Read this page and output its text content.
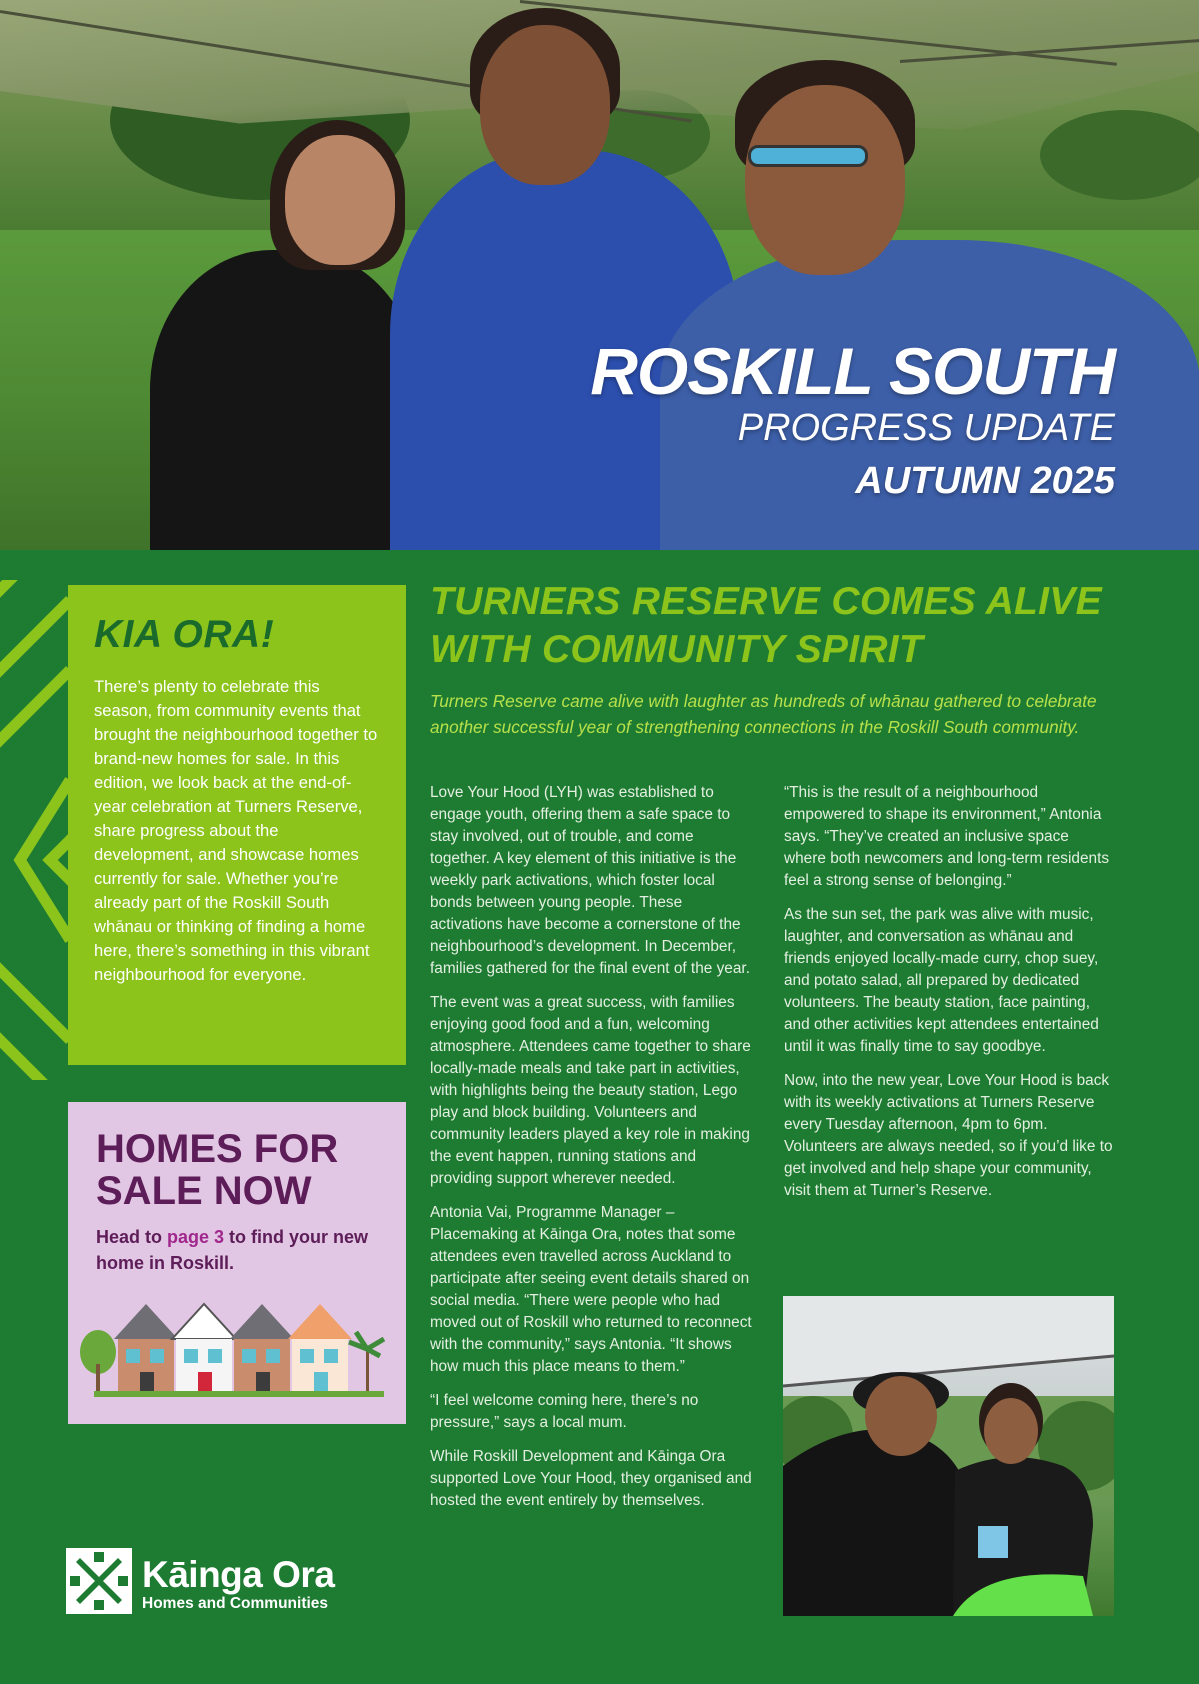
ROSKILL SOUTH
PROGRESS UPDATE
AUTUMN 2025
KIA ORA!
There’s plenty to celebrate this season, from community events that brought the neighbourhood together to brand-new homes for sale. In this edition, we look back at the end-of-year celebration at Turners Reserve, share progress about the development, and showcase homes currently for sale. Whether you’re already part of the Roskill South whānau or thinking of finding a home here, there’s something in this vibrant neighbourhood for everyone.
HOMES FOR SALE NOW
Head to page 3 to find your new home in Roskill.
Kāinga Ora
Homes and Communities
TURNERS RESERVE COMES ALIVE WITH COMMUNITY SPIRIT
Turners Reserve came alive with laughter as hundreds of whānau gathered to celebrate another successful year of strengthening connections in the Roskill South community.

Love Your Hood (LYH) was established to engage youth, offering them a safe space to stay involved, out of trouble, and come together. A key element of this initiative is the weekly park activations, which foster local bonds between young people. These activations have become a cornerstone of the neighbourhood’s development. In December, families gathered for the final event of the year.

The event was a great success, with families enjoying good food and a fun, welcoming atmosphere. Attendees came together to share locally-made meals and take part in activities, with highlights being the beauty station, Lego play and block building. Volunteers and community leaders played a key role in making the event happen, running stations and providing support wherever needed.

Antonia Vai, Programme Manager – Placemaking at Kāinga Ora, notes that some attendees even travelled across Auckland to participate after seeing event details shared on social media. “There were people who had moved out of Roskill who returned to reconnect with the community,” says Antonia. “It shows how much this place means to them.”

“I feel welcome coming here, there’s no pressure,” says a local mum.

While Roskill Development and Kāinga Ora supported Love Your Hood, they organised and hosted the event entirely by themselves.

“This is the result of a neighbourhood empowered to shape its environment,” Antonia says. “They’ve created an inclusive space where both newcomers and long-term residents feel a strong sense of belonging.”

As the sun set, the park was alive with music, laughter, and conversation as whānau and friends enjoyed locally-made curry, chop suey, and potato salad, all prepared by dedicated volunteers. The beauty station, face painting, and other activities kept attendees entertained until it was finally time to say goodbye.

Now, into the new year, Love Your Hood is back with its weekly activations at Turners Reserve every Tuesday afternoon, 4pm to 6pm. Volunteers are always needed, so if you’d like to get involved and help shape your community, visit them at Turner’s Reserve.
